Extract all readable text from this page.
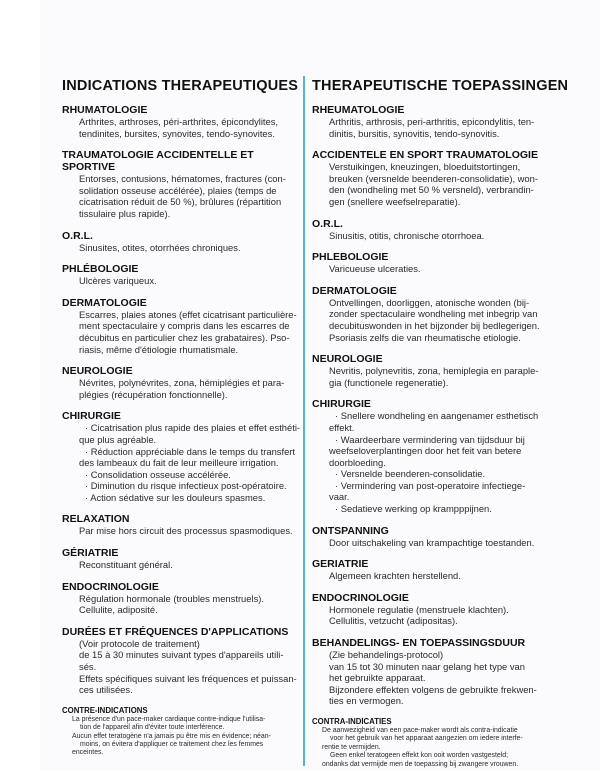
INDICATIONS THERAPEUTIQUES
RHUMATOLOGIE

Arthrites, arthroses, péri-arthrites, épicondylites,

tendinites, bursites, synovites, tendo-synovites.

TRAUMATOLOGIE ACCIDENTELLE ET SPORTIVE

Entorses, contusions, hématomes, fractures (con-

solidation osseuse accélérée), plaies (temps de

cicatrisation réduit de 50 %), brûlures (répartition

tissulaire plus rapide).

O.R.L.

Sinusites, otites, otorrhées chroniques.

PHLÉBOLOGIE

Ulcères variqueux.

DERMATOLOGIE

Escarres, plaies atones (effet cicatrisant particulière-

ment spectaculaire y compris dans les escarres de

décubitus en particulier chez les grabataires). Pso-

riasis, même d'étiologie rhumatismale.

NEUROLOGIE

Névrites, polynévrites, zona, hémiplégies et para-

plégies (récupération fonctionnelle).

CHIRURGIE

· Cicatrisation plus rapide des plaies et effet esthéti-

que plus agréable.

· Réduction appréciable dans le temps du transfert

des lambeaux du fait de leur meilleure irrigation.

· Consolidation osseuse accélérée.

· Diminution du risque infectieux post-opératoire.

· Action sédative sur les douleurs spasmes.

RELAXATION

Par mise hors circuit des processus spasmodiques.

GÉRIATRIE

Reconstituant général.

ENDOCRINOLOGIE

Régulation hormonale (troubles menstruels).

Cellulite, adiposité.

DURÉES ET FRÉQUENCES D'APPLICATIONS

(Voir protocole de traitement)

de 15 à 30 minutes suivant types d'appareils utili-

sés.

Effets spécifiques suivant les fréquences et puissan-

ces utilisées.

CONTRE-INDICATIONS

La présence d'un pace-maker cardiaque contre-indique l'utilisa-

tion de l'appareil afin d'éviter toute interférence.

Aucun effet teratogène n'a jamais pu être mis en évidence; néan-

moins, on évitera d'appliquer ce traitement chez les femmes

enceintes.

THERAPEUTISCHE TOEPASSINGEN
RHEUMATOLOGIE

Arthritis, arthrosis, peri-arthritis, epicondylitis, ten-

dinitis, bursitis, synovitis, tendo-synovitis.

ACCIDENTELE EN SPORT TRAUMATOLOGIE

Verstuikingen, kneuzingen, bloeduitstortingen,

breuken (versnelde beenderen-consolidatie), won-

den (wondheling met 50 % versneld), verbrandin-

gen (snellere weefselreparatie).

O.R.L.

Sinusitis, otitis, chronische otorrhoea.

PHLEBOLOGIE

Varicueuse ulceraties.

DERMATOLOGIE

Ontvellingen, doorliggen, atonische wonden (bij-

zonder spectaculaire wondheling met inbegrip van

decubituswonden in het bijzonder bij bedlegerigen.

Psoriasis zelfs die van rheumatische etiologie.

NEUROLOGIE

Nevritis, polynevritis, zona, hemiplegia en paraple-

gia (functionele regeneratie).

CHIRURGIE

· Snellere wondheling en aangenamer esthetisch

effekt.

· Waardeerbare vermindering van tijdsduur bij

weefseloverplantingen door het feit van betere

doorbloeding.

· Versnelde beenderen-consolidatie.

· Vermindering van post-operatoire infectiege-

vaar.

· Sedatieve werking op krampppijnen.

ONTSPANNING

Door uitschakeling van krampachtige toestanden.

GERIATRIE

Algemeen krachten herstellend.

ENDOCRINOLOGIE

Hormonele regulatie (menstruele klachten).

Cellulitis, vetzucht (adipositas).

BEHANDELINGS- EN TOEPASSINGSDUUR

(Zie behandelings-protocol)

van 15 tot 30 minuten naar gelang het type van

het gebruikte apparaat.

Bijzondere effekten volgens de gebruikte frekwen-

ties en vermogen.

CONTRA-INDICATIES

De aanwezigheid van een pace-maker wordt als contra-indicatie

voor het gebruik van het apparaat aangezien om iedere interfe-

rentie te vermijden.

Geen enkel teratogeen effekt kon ooit worden vastgesteld;

ondanks dat vermijde men de toepassing bij zwangere vrouwen.
